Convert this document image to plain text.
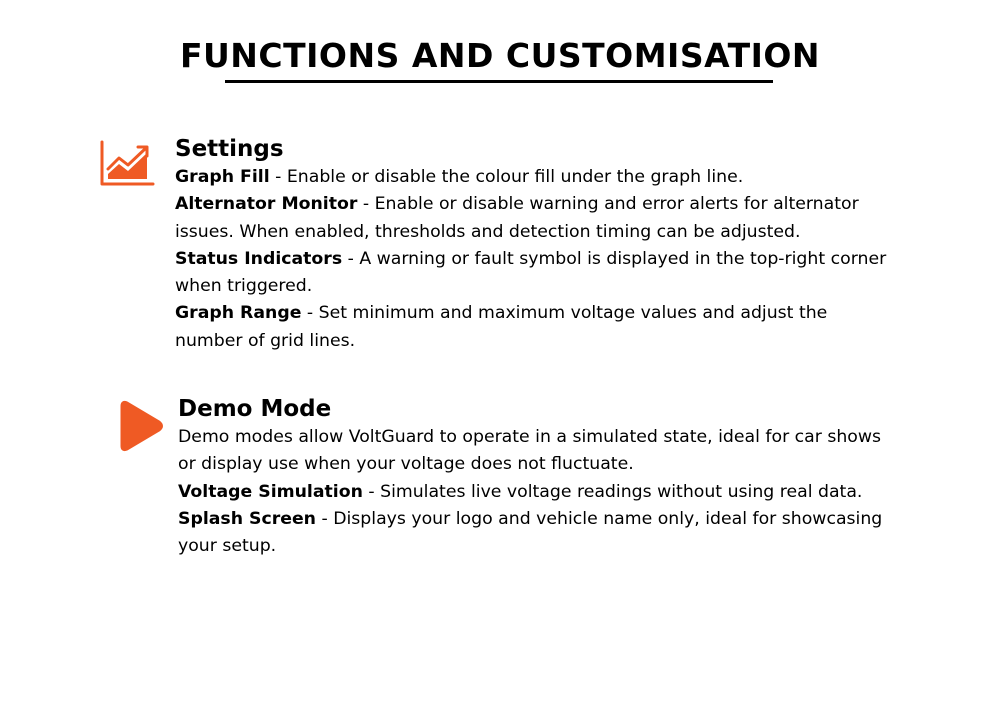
FUNCTIONS AND CUSTOMISATION
Settings

Graph Fill - Enable or disable the colour fill under the graph line.

Alternator Monitor - Enable or disable warning and error alerts for alternator issues. When enabled, thresholds and detection timing can be adjusted.

Status Indicators - A warning or fault symbol is displayed in the top-right corner when triggered.

Graph Range - Set minimum and maximum voltage values and adjust the number of grid lines.

Demo Mode

Demo modes allow VoltGuard to operate in a simulated state, ideal for car shows or display use when your voltage does not fluctuate.

Voltage Simulation - Simulates live voltage readings without using real data.

Splash Screen - Displays your logo and vehicle name only, ideal for showcasing your setup.
